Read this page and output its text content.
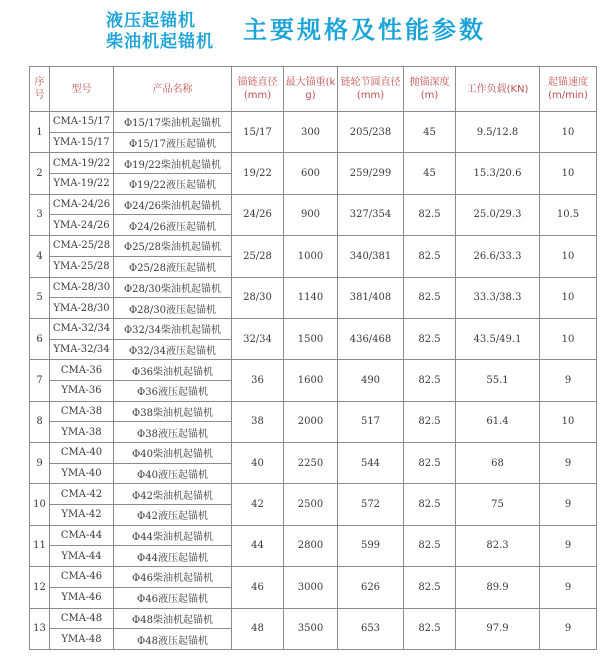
液压起锚机
柴油机起锚机 主要规格及性能参数
序号	型号	产品名称	锚链直径(mm)	最大锚重(kg)	链轮节圆直径(mm)	抛锚深度(m)	工作负载(KN)	起锚速度(m/min)
1	CMA-15/17	Φ15/17柴油机起锚机	15/17	300	205/238	45	9.5/12.8	10
	YMA-15/17	Φ15/17液压起锚机						
2	CMA-19/22	Φ19/22柴油机起锚机	19/22	600	259/299	45	15.3/20.6	10
	YMA-19/22	Φ19/22液压起锚机						
3	CMA-24/26	Φ24/26柴油机起锚机	24/26	900	327/354	82.5	25.0/29.3	10.5
	YMA-24/26	Φ24/26液压起锚机						
4	CMA-25/28	Φ25/28柴油机起锚机	25/28	1000	340/381	82.5	26.6/33.3	10
	YMA-25/28	Φ25/28液压起锚机						
5	CMA-28/30	Φ28/30柴油机起锚机	28/30	1140	381/408	82.5	33.3/38.3	10
	YMA-28/30	Φ28/30液压起锚机						
6	CMA-32/34	Φ32/34柴油机起锚机	32/34	1500	436/468	82.5	43.5/49.1	10
	YMA-32/34	Φ32/34液压起锚机						
7	CMA-36	Φ36柴油机起锚机	36	1600	490	82.5	55.1	9
	YMA-36	Φ36液压起锚机						
8	CMA-38	Φ38柴油机起锚机	38	2000	517	82.5	61.4	10
	YMA-38	Φ38液压起锚机						
9	CMA-40	Φ40柴油机起锚机	40	2250	544	82.5	68	9
	YMA-40	Φ40液压起锚机						
10	CMA-42	Φ42柴油机起锚机	42	2500	572	82.5	75	9
	YMA-42	Φ42液压起锚机						
11	CMA-44	Φ44柴油机起锚机	44	2800	599	82.5	82.3	9
	YMA-44	Φ44液压起锚机						
12	CMA-46	Φ46柴油机起锚机	46	3000	626	82.5	89.9	9
	YMA-46	Φ46液压起锚机						
13	CMA-48	Φ48柴油机起锚机	48	3500	653	82.5	97.9	9
	YMA-48	Φ48液压起锚机						
